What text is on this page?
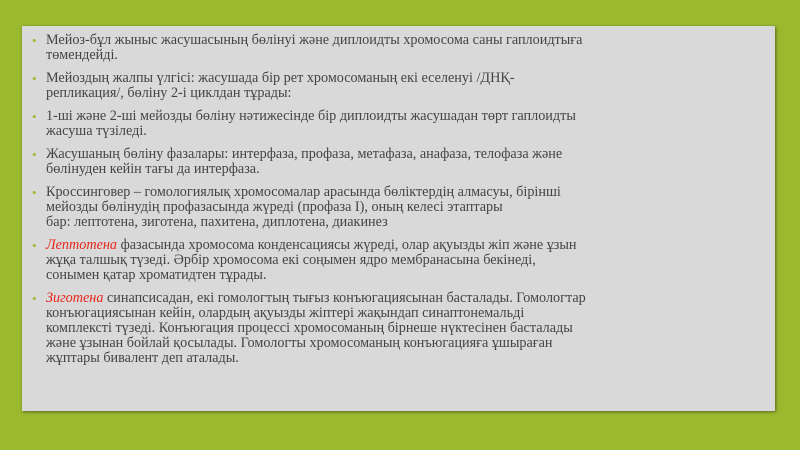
• Мейоз-бұл жыныс жасушасының бөлінуі және диплоидты хромосома саны гаплоидтыға
төмендейді.
• Мейоздың жалпы үлгісі: жасушада бір рет хромосоманың екі еселенуі /ДНҚ-
репликация/, бөліну 2-і циклдан тұрады:
• 1-ші және 2-ші мейозды бөліну нәтижесінде бір диплоидты жасушадан төрт гаплоидты
жасуша түзіледі.
• Жасушаның бөліну фазалары: интерфаза, профаза, метафаза, анафаза, телофаза және
бөлінуден кейін тағы да интерфаза.
• Кроссинговер – гомологиялық хромосомалар арасында бөліктердің алмасуы, бірінші
мейозды бөлінудің профазасында жүреді (профаза I), оның келесі этаптары
бар: лептотена, зиготена, пахитена, диплотена, диакинез
• Лептотена фазасында хромосома конденсациясы жүреді, олар ақуызды жіп және ұзын
жұқа талшық түзеді. Әрбір хромосома екі соңымен ядро мембранасына бекінеді,
сонымен қатар хроматидтен тұрады.
• Зиготена синапсисадан, екі гомологтың тығыз конъюгациясынан басталады. Гомологтар
конъюгациясынан кейін, олардың ақуызды жіптері жақындап синаптонемальді
комплексті түзеді. Конъюгация процессі хромосоманың бірнеше нүктесінен басталады
және ұзынан бойлай қосылады. Гомологты хромосоманың конъюгацияға ұшыраған
жұптары бивалент деп аталады.
